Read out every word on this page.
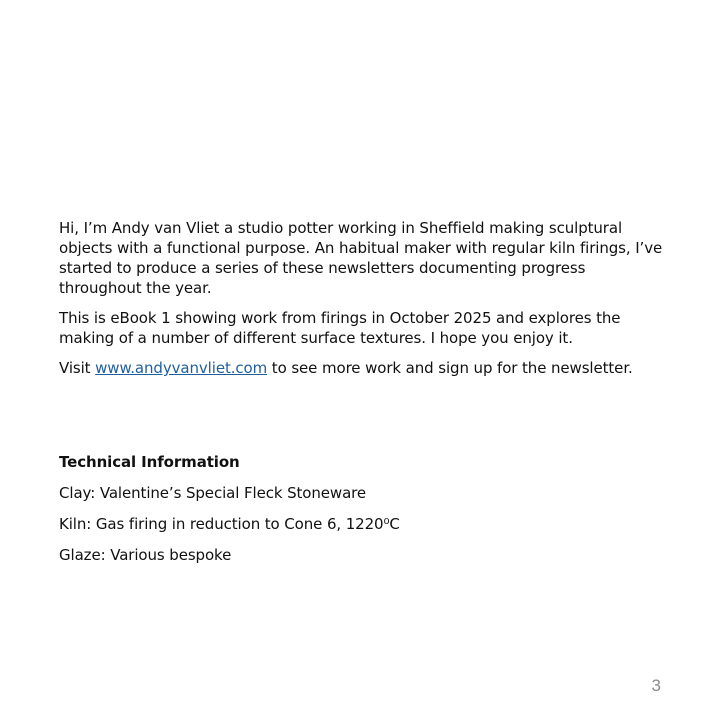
Hi, I’m Andy van Vliet a studio potter working in Sheffield making sculptural objects with a functional purpose. An habitual maker with regular kiln firings, I’ve started to produce a series of these newsletters documenting progress throughout the year.

This is eBook 1 showing work from firings in October 2025 and explores the making of a number of different surface textures. I hope you enjoy it.

Visit www.andyvanvliet.com to see more work and sign up for the newsletter.

Technical Information

Clay: Valentine’s Special Fleck Stoneware

Kiln: Gas firing in reduction to Cone 6, 1220⁰C

Glaze: Various bespoke

3
